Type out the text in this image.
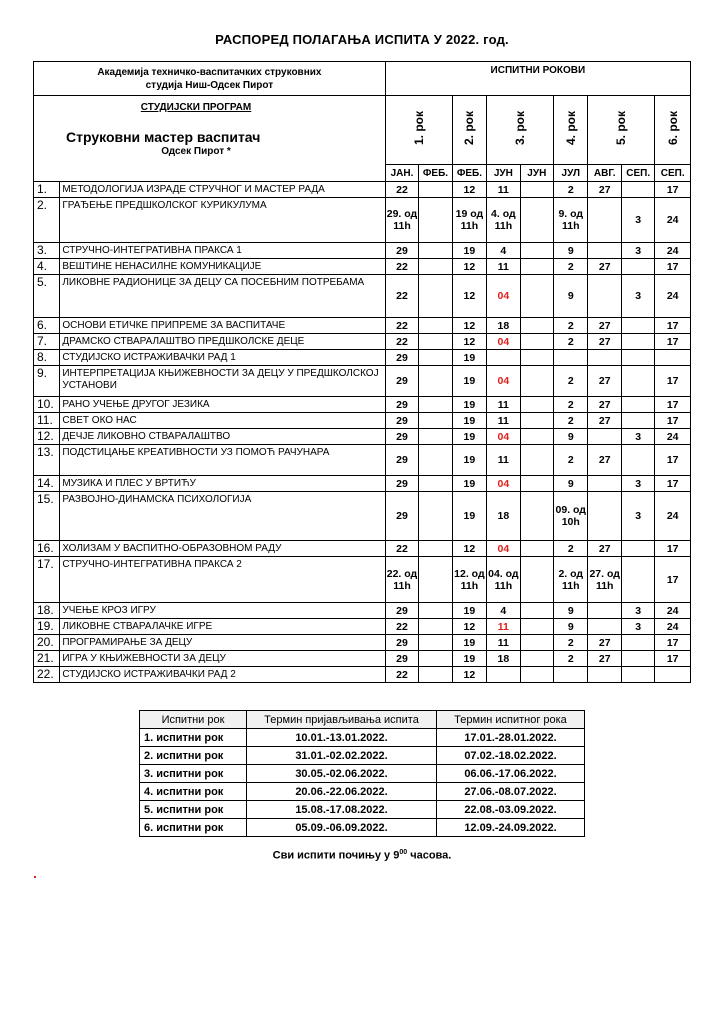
РАСПОРЕД ПОЛАГАЊА ИСПИТА У 2022. год.
Академија техничко-васпитачких струковних
студија Ниш-Одсек Пирот		ИСПИТНИ РОКОВИ								

СТУДИЈСКИ ПРОГРАМ
Струковни мастер васпитач
Одсек Пирот *		1. рок		2. рок	3. рок		4. рок	5. рок		6. рок
		ЈАН.	ФЕБ.	ФЕБ.	ЈУН	ЈУН	ЈУЛ	АВГ.	СЕП.	СЕП.
1.	МЕТОДОЛОГИЈА ИЗРАДЕ СТРУЧНОГ И МАСТЕР РАДА	22		12	11		2	27		17
2.	ГРАЂЕЊЕ ПРЕДШКОЛСКОГ КУРИКУЛУМА	29. од 11h		19 од 11h	4. од 11h		9. од 11h		3	24
3.	СТРУЧНО-ИНТЕГРАТИВНА ПРАКСА 1	29		19	4		9		3	24
4.	ВЕШТИНЕ НЕНАСИЛНЕ КОМУНИКАЦИЈЕ	22		12	11		2	27		17
5.	ЛИКОВНЕ РАДИОНИЦЕ ЗА ДЕЦУ СА ПОСЕБНИМ ПОТРЕБАМА	22		12	04		9		3	24
6.	ОСНОВИ ЕТИЧКЕ ПРИПРЕМЕ ЗА ВАСПИТАЧЕ	22		12	18		2	27		17
7.	ДРАМСКО СТВАРАЛАШТВО ПРЕДШКОЛСКЕ ДЕЦЕ	22		12	04		2	27		17
8.	СТУДИЈСКО ИСТРАЖИВАЧКИ РАД 1	29		19						
9.	ИНТЕРПРЕТАЦИЈА КЊИЖЕВНОСТИ ЗА ДЕЦУ У ПРЕДШКОЛСКОЈ УСТАНОВИ	29		19	04		2	27		17
10.	РАНО УЧЕЊЕ ДРУГОГ ЈЕЗИКА	29		19	11		2	27		17
11.	СВЕТ ОКО НАС	29		19	11		2	27		17
12.	ДЕЧЈЕ ЛИКОВНО СТВАРАЛАШТВО	29		19	04		9		3	24
13.	ПОДСТИЦАЊЕ КРЕАТИВНОСТИ УЗ ПОМОЋ РАЧУНАРА	29		19	11		2	27		17
14.	МУЗИКА И ПЛЕС У ВРТИЋУ	29		19	04		9		3	17
15.	РАЗВОЈНО-ДИНАМСКА ПСИХОЛОГИЈА	29		19	18		09. од 10h		3	24
16.	ХОЛИЗАМ У ВАСПИТНО-ОБРАЗОВНОМ РАДУ	22		12	04		2	27		17
17.	СТРУЧНО-ИНТЕГРАТИВНА ПРАКСА 2	22. од 11h		12. од 11h	04. од 11h		2. од 11h	27. од 11h		17
18.	УЧЕЊЕ КРОЗ ИГРУ	29		19	4		9		3	24
19.	ЛИКОВНЕ СТВАРАЛАЧКЕ ИГРЕ	22		12	11		9		3	24
20.	ПРОГРАМИРАЊЕ ЗА ДЕЦУ	29		19	11		2	27		17
21.	ИГРА У КЊИЖЕВНОСТИ ЗА ДЕЦУ	29		19	18		2	27		17
22.	СТУДИЈСКО ИСТРАЖИВАЧКИ РАД 2	22		12						
Испитни рок	Термин пријављивања испита	Термин испитног рока
1. испитни рок	10.01.-13.01.2022.	17.01.-28.01.2022.
2. испитни рок	31.01.-02.02.2022.	07.02.-18.02.2022.
3. испитни рок	30.05.-02.06.2022.	06.06.-17.06.2022.
4. испитни рок	20.06.-22.06.2022.	27.06.-08.07.2022.
5. испитни рок	15.08.-17.08.2022.	22.08.-03.09.2022.
6. испитни рок	05.09.-06.09.2022.	12.09.-24.09.2022.
Сви испити почињу у $9^{00}$ часова.
